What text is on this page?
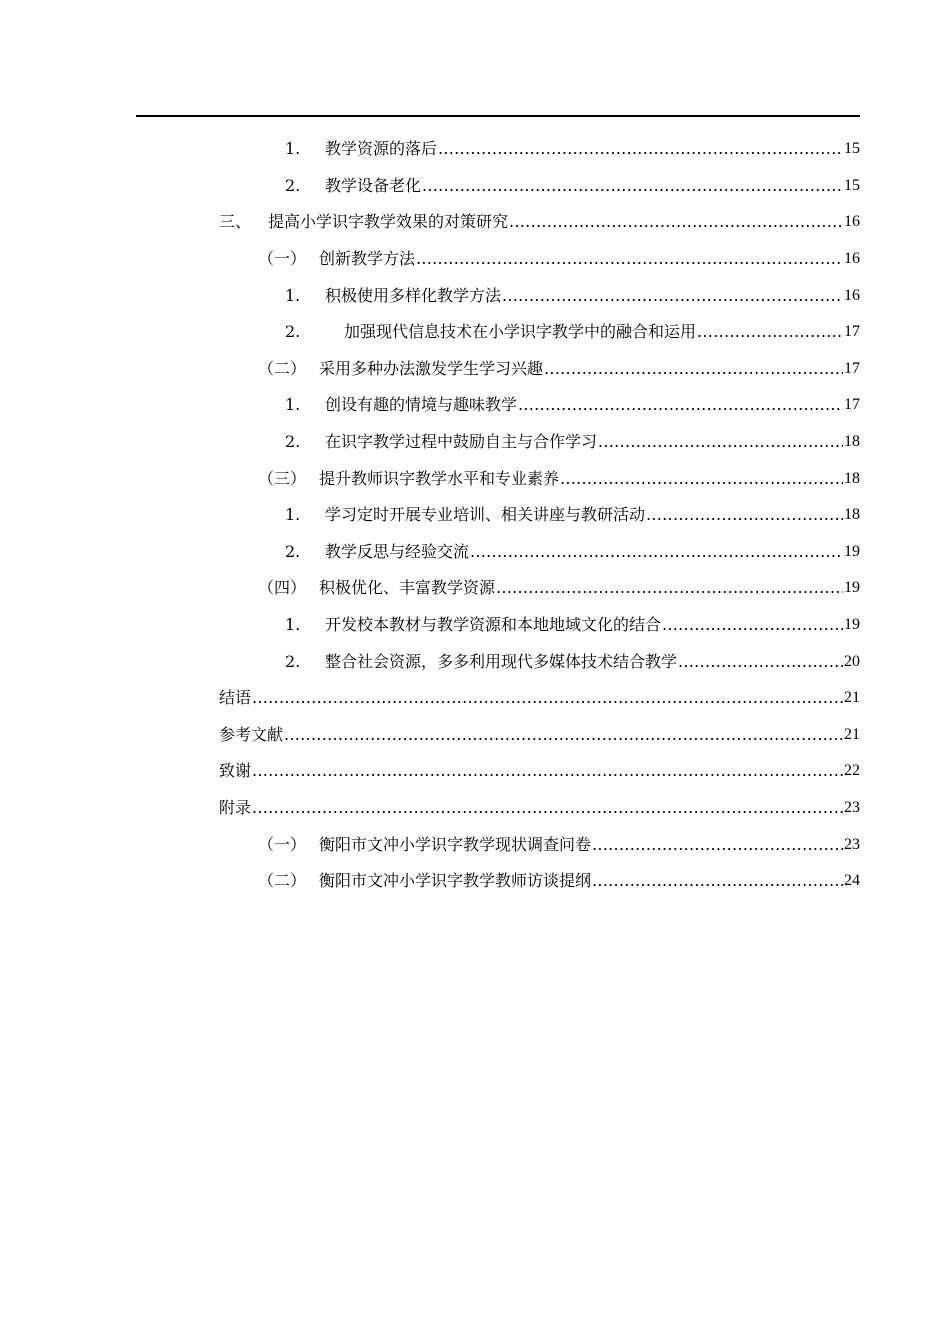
1.	教学资源的落后 .....	15
2.	教学设备老化 .....	15
三、	提高小学识字教学效果的对策研究 .....	16
（一） 创新教学方法 .....	16
1.	积极使用多样化教学方法 .....	16
2.	加强现代信息技术在小学识字教学中的融合和运用 .....	17
（二） 采用多种办法激发学生学习兴趣 .....	17
1.	创设有趣的情境与趣味教学 .....	17
2.	在识字教学过程中鼓励自主与合作学习 .....	18
（三） 提升教师识字教学水平和专业素养 .....	18
1.	学习定时开展专业培训、相关讲座与教研活动 .....	18
2.	教学反思与经验交流 .....	19
（四） 积极优化、丰富教学资源 .....	19
1.	开发校本教材与教学资源和本地地域文化的结合 .....	19
2.	整合社会资源，多多利用现代多媒体技术结合教学 .....	20
结语 .....	21
参考文献 .....	21
致谢 .....	22
附录 .....	23
（一） 衡阳市文冲小学识字教学现状调查问卷 .....	23
（二） 衡阳市文冲小学识字教学教师访谈提纲 .....	24
